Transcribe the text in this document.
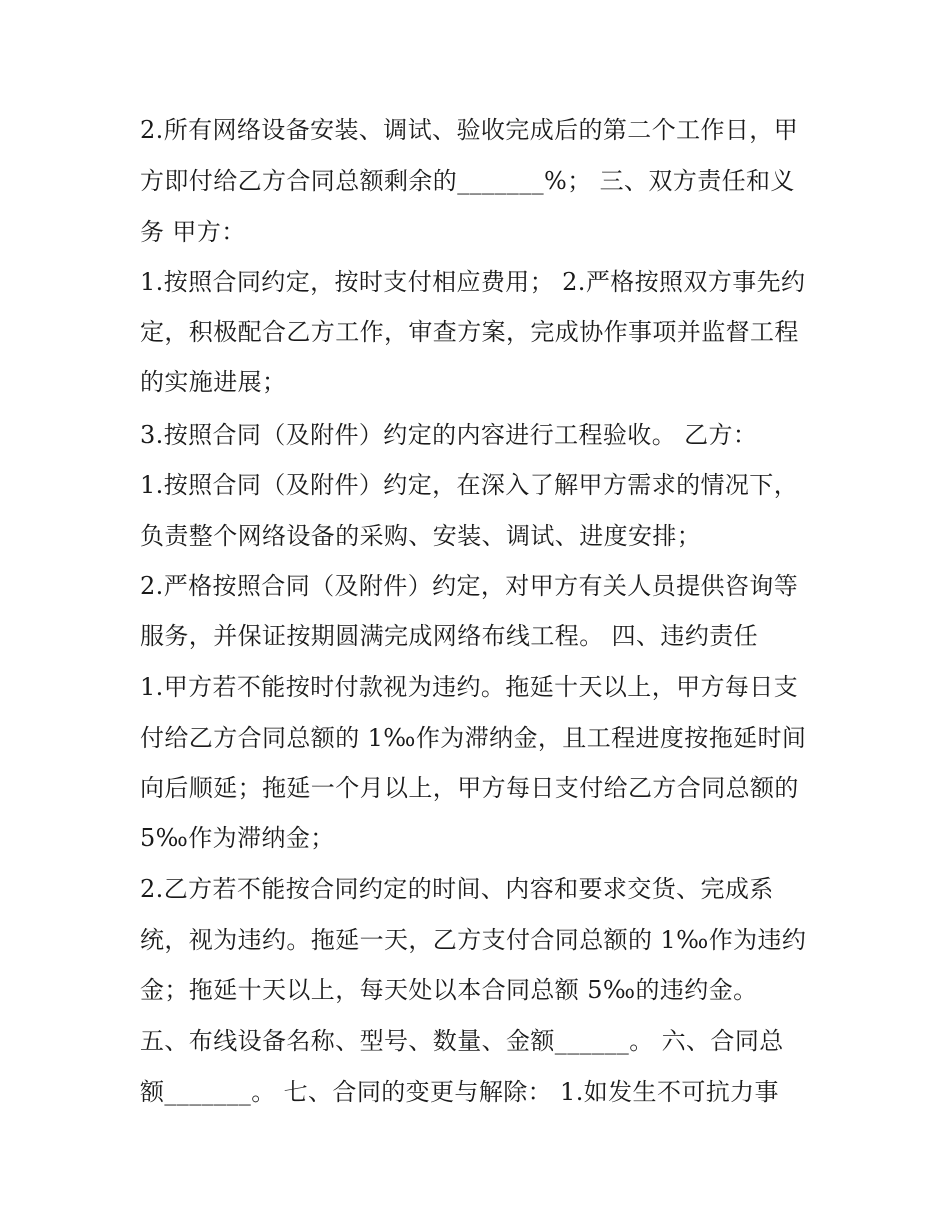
2.所有网络设备安装、调试、验收完成后的第二个工作日，甲
方即付给乙方合同总额剩余的_______%； 三、双方责任和义
务 甲方：
1.按照合同约定，按时支付相应费用； 2.严格按照双方事先约
定，积极配合乙方工作，审查方案，完成协作事项并监督工程
的实施进展；
3.按照合同（及附件）约定的内容进行工程验收。 乙方：
1.按照合同（及附件）约定，在深入了解甲方需求的情况下，
负责整个网络设备的采购、安装、调试、进度安排；
2.严格按照合同（及附件）约定，对甲方有关人员提供咨询等
服务，并保证按期圆满完成网络布线工程。 四、违约责任
1.甲方若不能按时付款视为违约。拖延十天以上，甲方每日支
付给乙方合同总额的 1‰作为滞纳金，且工程进度按拖延时间
向后顺延；拖延一个月以上，甲方每日支付给乙方合同总额的
5‰作为滞纳金；
2.乙方若不能按合同约定的时间、内容和要求交货、完成系
统，视为违约。拖延一天，乙方支付合同总额的 1‰作为违约
金；拖延十天以上，每天处以本合同总额 5‰的违约金。
五、布线设备名称、型号、数量、金额______。 六、合同总
额_______。 七、合同的变更与解除： 1.如发生不可抗力事
